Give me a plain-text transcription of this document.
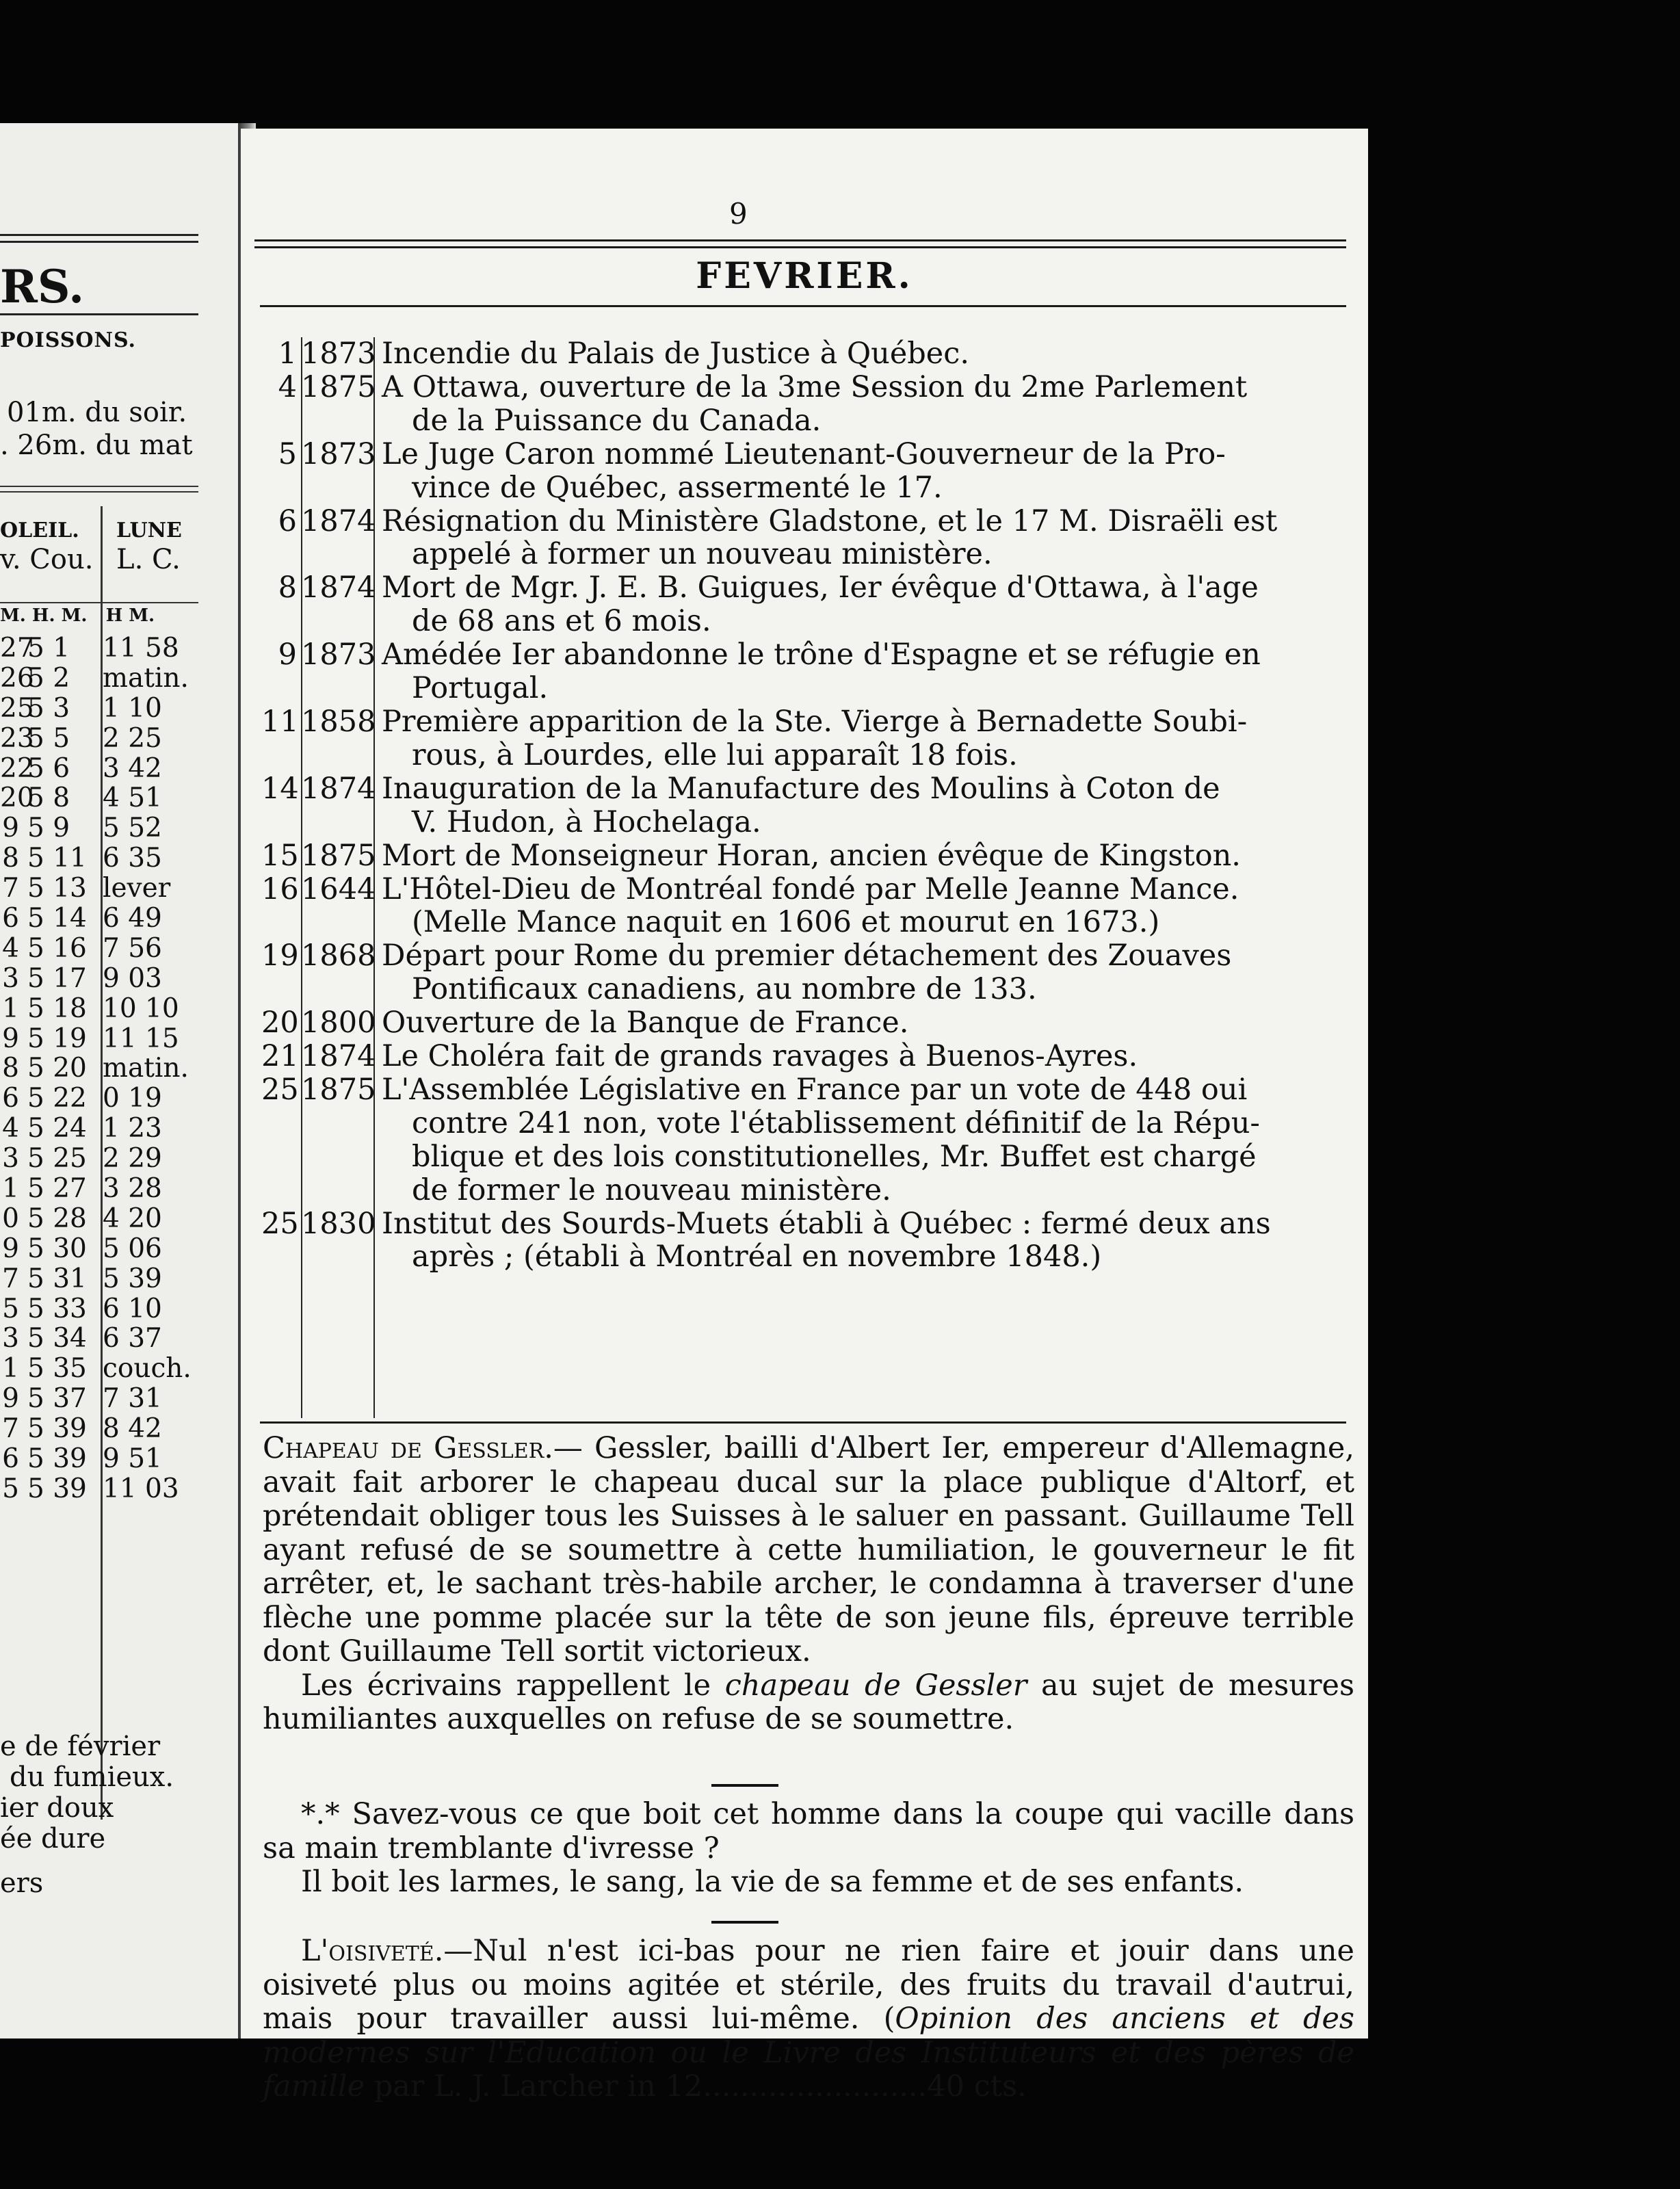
RS.
POISSONS.
01m. du soir.
. 26m. du mat
OLEIL. LUNE
v. Cou. L. C.
M. H. M. H M.
27
5 1 11 58
26
5 2 matin.
25
5 3 1 10
23
5 5 2 25
22
5 6 3 42
20
5 8 4 51
9 5 9 5 52
8 5 11 6 35
7 5 13 lever
6 5 14 6 49
4 5 16 7 56
3 5 17 9 03
1 5 18 10 10
9 5 19 11 15
8 5 20 matin.
6 5 22 0 19
4 5 24 1 23
3 5 25 2 29
1 5 27 3 28
0 5 28 4 20
9 5 30 5 06
7 5 31 5 39
5 5 33 6 10
3 5 34 6 37
1 5 35 couch.
9 5 37 7 31
7 5 39 8 42
6 5 39 9 51
5 5 39 11 03
e de février
du fumieux.
ier doux
ée dure
ers
9
FEVRIER.
1 1873 Incendie du Palais de Justice à Québec.
4 1875 A Ottawa, ouverture de la 3me Session du 2me Parlement
de la Puissance du Canada.
5 1873 Le Juge Caron nommé Lieutenant-Gouverneur de la Pro-
vince de Québec, assermenté le 17.
6 1874 Résignation du Ministère Gladstone, et le 17 M. Disraëli est
appelé à former un nouveau ministère.
8 1874 Mort de Mgr. J. E. B. Guigues, Ier évêque d'Ottawa, à l'age
de 68 ans et 6 mois.
9 1873 Amédée Ier abandonne le trône d'Espagne et se réfugie en
Portugal.
11 1858 Première apparition de la Ste. Vierge à Bernadette Soubi-
rous, à Lourdes, elle lui apparaît 18 fois.
14 1874 Inauguration de la Manufacture des Moulins à Coton de
V. Hudon, à Hochelaga.
15 1875 Mort de Monseigneur Horan, ancien évêque de Kingston.
16 1644 L'Hôtel-Dieu de Montréal fondé par Melle Jeanne Mance.
(Melle Mance naquit en 1606 et mourut en 1673.)
19 1868 Départ pour Rome du premier détachement des Zouaves
Pontificaux canadiens, au nombre de 133.
20 1800 Ouverture de la Banque de France.
21 1874 Le Choléra fait de grands ravages à Buenos-Ayres.
25 1875 L'Assemblée Législative en France par un vote de 448 oui
contre 241 non, vote l'établissement définitif de la Répu-
blique et des lois constitutionelles, Mr. Buffet est chargé
de former le nouveau ministère.
25 1830 Institut des Sourds-Muets établi à Québec : fermé deux ans
après ; (établi à Montréal en novembre 1848.)

Chapeau de Gessler.— Gessler, bailli d'Albert Ier, empereur d'Allemagne, avait fait arborer le chapeau ducal sur la place publique d'Altorf, et prétendait obliger tous les Suisses à le saluer en passant. Guillaume Tell ayant refusé de se soumettre à cette humiliation, le gouverneur le fit arrêter, et, le sachant très-habile archer, le condamna à traverser d'une flèche une pomme placée sur la tête de son jeune fils, épreuve terrible dont Guillaume Tell sortit victorieux.

Les écrivains rappellent le chapeau de Gessler au sujet de mesures humiliantes auxquelles on refuse de se soumettre.

*.* Savez-vous ce que boit cet homme dans la coupe qui vacille dans sa main tremblante d'ivresse ?

Il boit les larmes, le sang, la vie de sa femme et de ses enfants.

L'oisiveté.—Nul n'est ici-bas pour ne rien faire et jouir dans une oisiveté plus ou moins agitée et stérile, des fruits du travail d'autrui, mais pour travailler aussi lui-même. (Opinion des anciens et des modernes sur l'Education ou le Livre des Instituteurs et des pères de famille par L. J. Larcher in 12........................40 cts.
